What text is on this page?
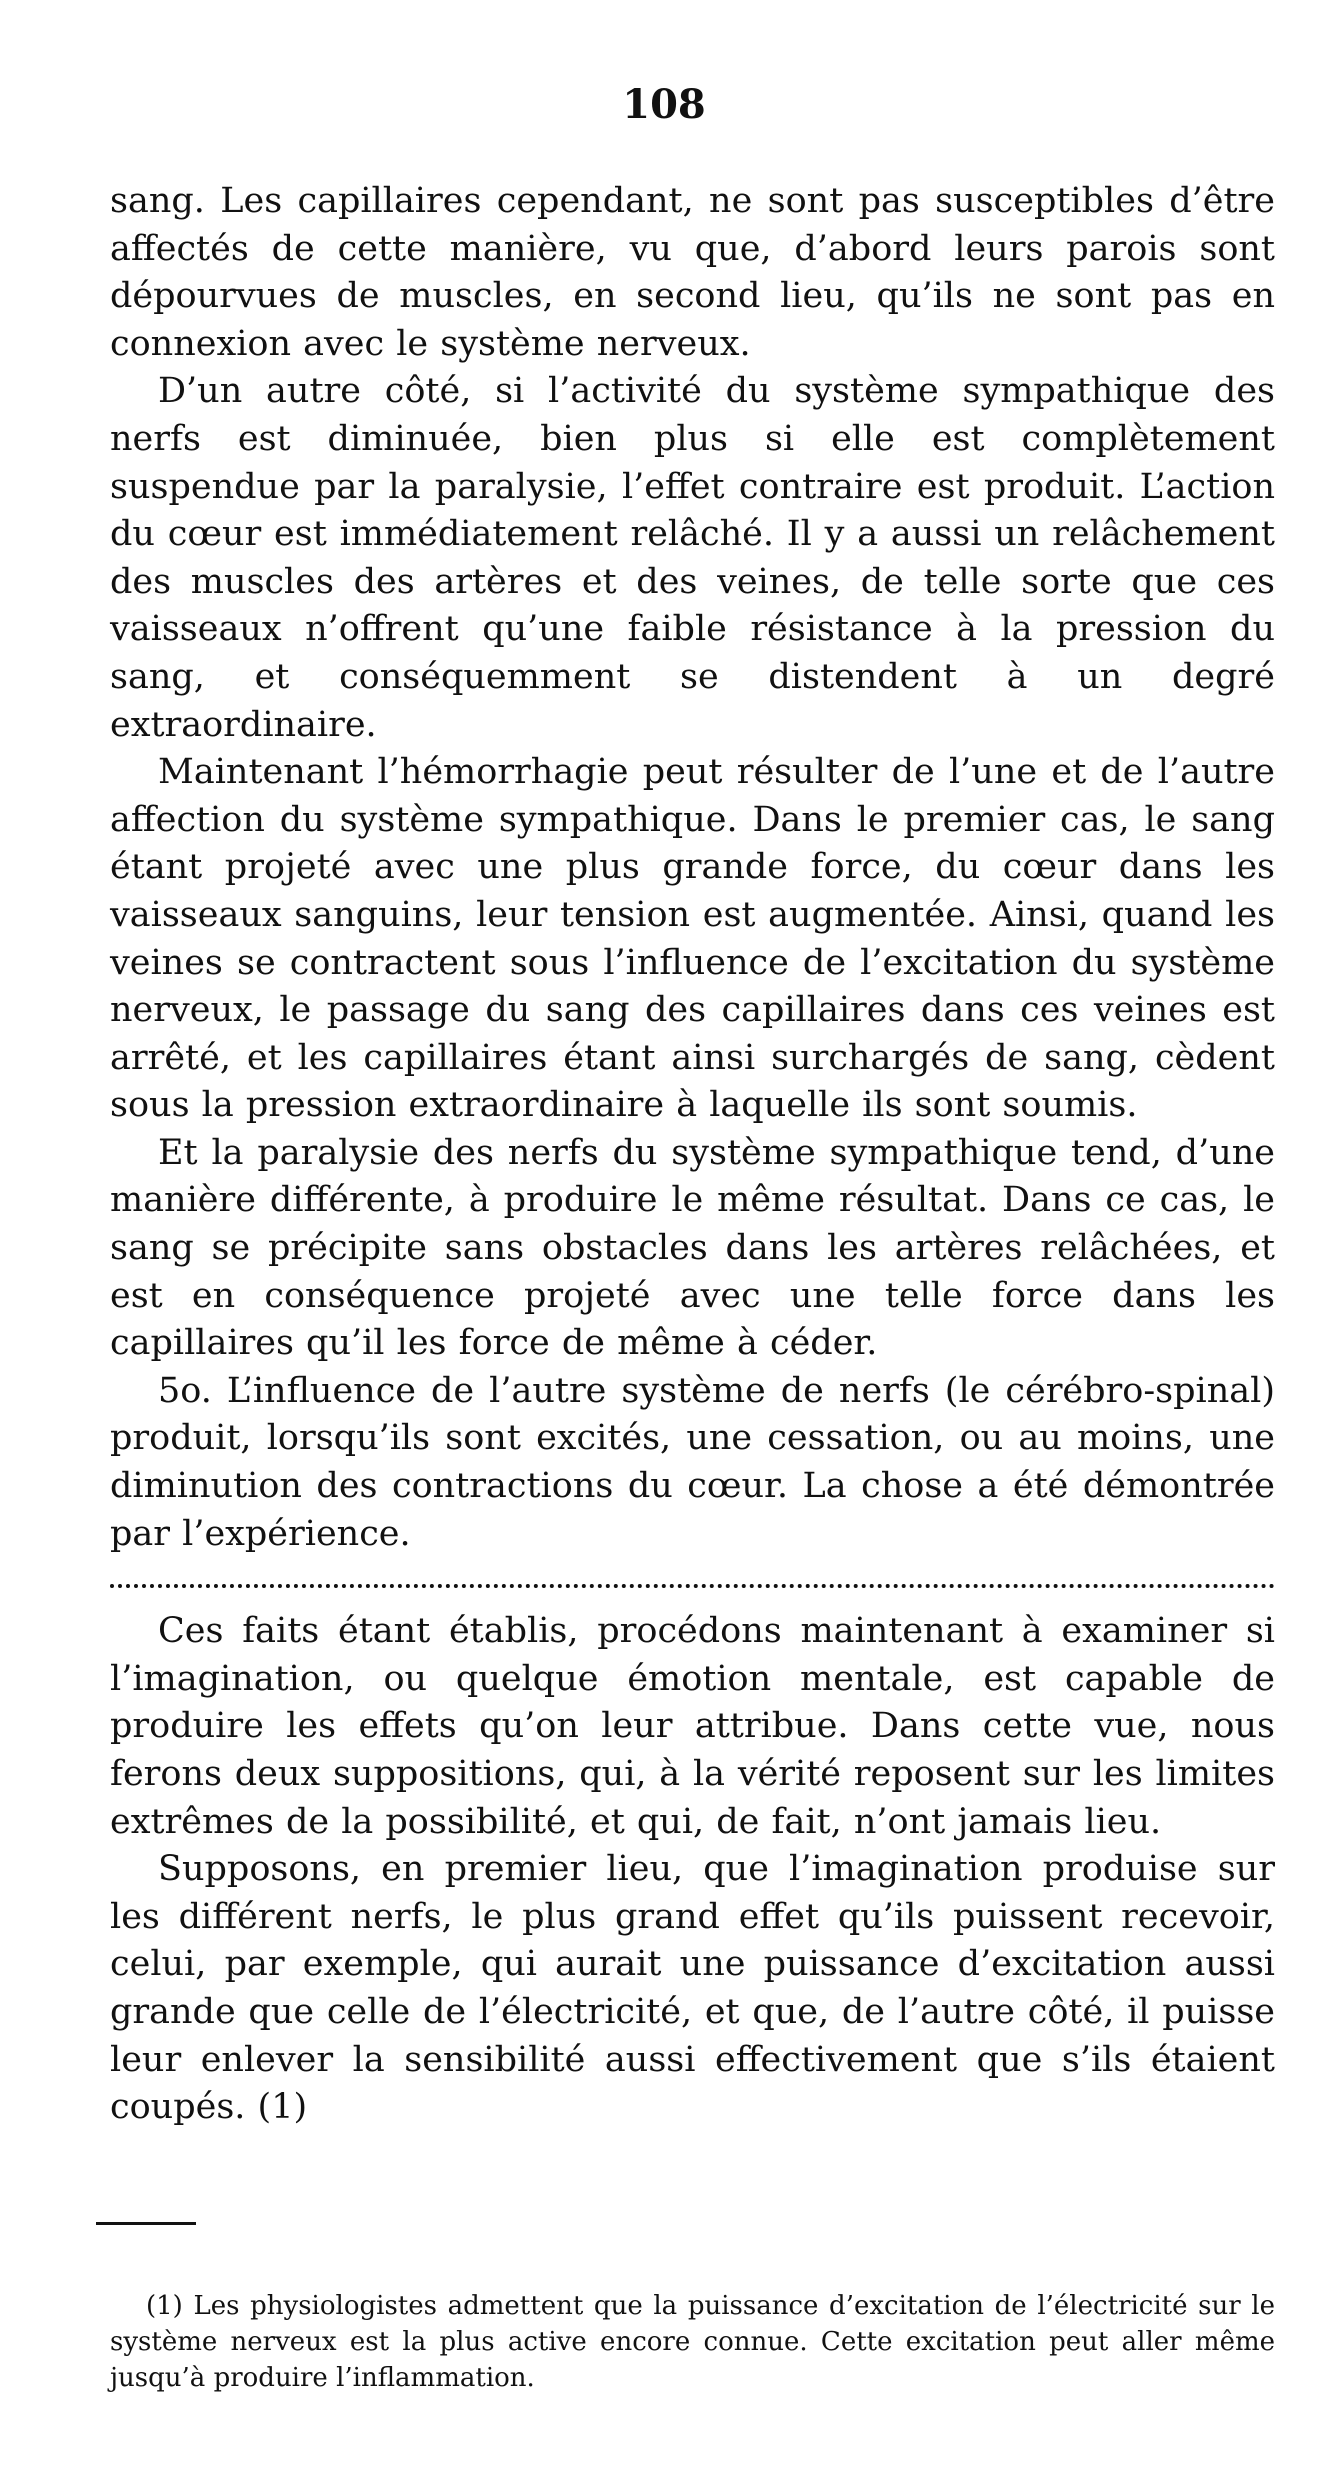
108

sang. Les capillaires cependant, ne sont pas susceptibles d’être affectés de cette manière, vu que, d’abord leurs parois sont dépourvues de muscles, en second lieu, qu’ils ne sont pas en connexion avec le système nerveux.

D’un autre côté, si l’activité du système sympathique des nerfs est diminuée, bien plus si elle est complètement suspendue par la paralysie, l’effet contraire est produit. L’action du cœur est immédiatement relâché. Il y a aussi un relâchement des muscles des artères et des veines, de telle sorte que ces vaisseaux n’offrent qu’une faible résistance à la pression du sang, et conséquemment se distendent à un degré extraordinaire.

Maintenant l’hémorrhagie peut résulter de l’une et de l’autre affection du système sympathique. Dans le premier cas, le sang étant projeté avec une plus grande force, du cœur dans les vaisseaux sanguins, leur tension est augmentée. Ainsi, quand les veines se contractent sous l’influence de l’excitation du système nerveux, le passage du sang des capillaires dans ces veines est arrêté, et les capillaires étant ainsi surchargés de sang, cèdent sous la pression extraordinaire à laquelle ils sont soumis.

Et la paralysie des nerfs du système sympathique tend, d’une manière différente, à produire le même résultat. Dans ce cas, le sang se précipite sans obstacles dans les artères relâchées, et est en conséquence projeté avec une telle force dans les capillaires qu’il les force de même à céder.

5o. L’influence de l’autre système de nerfs (le cérébro-spinal) produit, lorsqu’ils sont excités, une cessation, ou au moins, une diminution des contractions du cœur. La chose a été démontrée par l’expérience.

Ces faits étant établis, procédons maintenant à examiner si l’imagination, ou quelque émotion mentale, est capable de produire les effets qu’on leur attribue. Dans cette vue, nous ferons deux suppositions, qui, à la vérité reposent sur les limites extrêmes de la possibilité, et qui, de fait, n’ont jamais lieu.

Supposons, en premier lieu, que l’imagination produise sur les différent nerfs, le plus grand effet qu’ils puissent recevoir, celui, par exemple, qui aurait une puissance d’excitation aussi grande que celle de l’électricité, et que, de l’autre côté, il puisse leur enlever la sensibilité aussi effectivement que s’ils étaient coupés. (1)

(1) Les physiologistes admettent que la puissance d’excitation de l’électricité sur le système nerveux est la plus active encore connue. Cette excitation peut aller même jusqu’à produire l’inflammation.
